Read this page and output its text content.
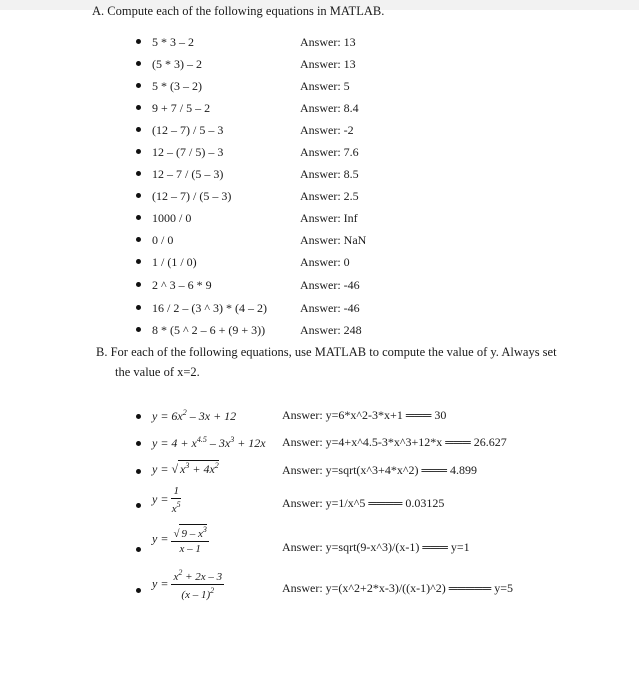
A. Compute each of the following equations in MATLAB.
5 * 3 – 2	Answer: 13
(5 * 3) – 2	Answer: 13
5 * (3 – 2)	Answer: 5
9 + 7 / 5 – 2	Answer: 8.4
(12 – 7) / 5 – 3	Answer: -2
12 – (7 / 5) – 3	Answer: 7.6
12 – 7 / (5 – 3)	Answer: 8.5
(12 – 7) / (5 – 3)	Answer: 2.5
1000 / 0	Answer: Inf
0 / 0	Answer: NaN
1 / (1 / 0)	Answer: 0
2 ^ 3 – 6 * 9	Answer: -46
16 / 2 – (3 ^ 3) * (4 – 2)	Answer: -46
8 * (5 ^ 2 – 6 + (9 + 3))	Answer: 248
B. For each of the following equations, use MATLAB to compute the value of y. Always set
the value of x=2.
$y = 6x^2 - 3x + 12$	Answer: y=6*x^2-3*x+1 ═══ 30
$y = 4 + x^{4.5} - 3x^3 + 12x$ Answer: y=4+x^4.5-3*x^3+12*x ═══ 26.627
y = √ $x^3 + 4x^2$	Answer: y=sqrt(x^3+4*x^2) ═══ 4.899
$y = \frac{1}{x^5}$	Answer: y=1/x^5 ════ 0.03125
$y = \frac{√ 9 - x^3}{x - 1}$	Answer: y=sqrt(9-x^3)/(x-1) ═══ y=1
$y = \frac{x^2 + 2x - 3}{(x - 1)^2}$	Answer: y=(x^2+2*x-3)/((x-1)^2) ═════ y=5
